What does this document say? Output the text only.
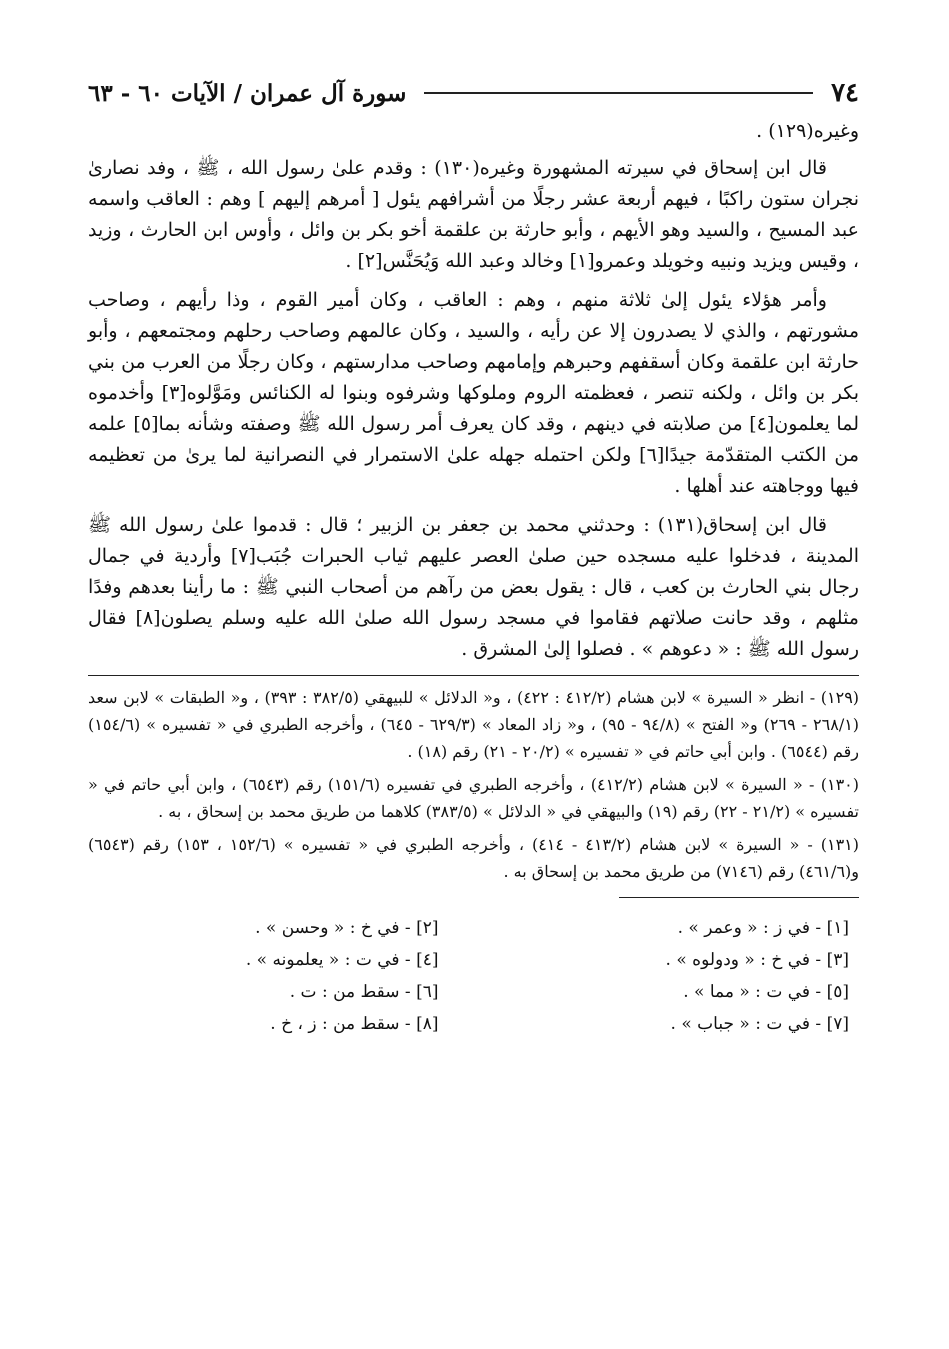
٧٤
سورة آل عمران / الآيات ٦٠ - ٦٣

وغيره(١٢٩) .

قال ابن إسحاق في سيرته المشهورة وغيره(١٣٠) : وقدم علىٰ رسول الله ، ﷺ ، وفد نصارىٰ نجران ستون راكبًا ، فيهم أربعة عشر رجلًا من أشرافهم يئول [ أمرهم إليهم ] وهم : العاقب واسمه عبد المسيح ، والسيد وهو الأيهم ، وأبو حارثة بن علقمة أخو بكر بن وائل ، وأوس ابن الحارث ، وزيد ، وقيس ويزيد ونبيه وخويلد وعمرو[١] وخالد وعبد الله وَيُحَنَّس[٢] .

وأمر هؤلاء يئول إلىٰ ثلاثة منهم ، وهم : العاقب ، وكان أمير القوم ، وذا رأيهم ، وصاحب مشورتهم ، والذي لا يصدرون إلا عن رأيه ، والسيد ، وكان عالمهم وصاحب رحلهم ومجتمعهم ، وأبو حارثة ابن علقمة وكان أسقفهم وحبرهم وإمامهم وصاحب مدارستهم ، وكان رجلًا من العرب من بني بكر بن وائل ، ولكنه تنصر ، فعظمته الروم وملوكها وشرفوه وبنوا له الكنائس ومَوَّلوه[٣] وأخدموه لما يعلمون[٤] من صلابته في دينهم ، وقد كان يعرف أمر رسول الله ﷺ وصفته وشأنه بما[٥] علمه من الكتب المتقدّمة جيدًا[٦] ولكن احتمله جهله علىٰ الاستمرار في النصرانية لما يرىٰ من تعظيمه فيها ووجاهته عند أهلها .

قال ابن إسحاق(١٣١) : وحدثني محمد بن جعفر بن الزبير ؛ قال : قدموا علىٰ رسول الله ﷺ المدينة ، فدخلوا عليه مسجده حين صلىٰ العصر عليهم ثياب الحبرات جُبَب[٧] وأردية في جمال رجال بني الحارث بن كعب ، قال : يقول بعض من رآهم من أصحاب النبي ﷺ : ما رأينا بعدهم وفدًا مثلهم ، وقد حانت صلاتهم فقاموا في مسجد رسول الله صلىٰ الله عليه وسلم يصلون[٨] فقال رسول الله ﷺ : « دعوهم » . فصلوا إلىٰ المشرق .

(١٢٩) - انظر « السيرة » لابن هشام (٤١٢/٢ : ٤٢٢) ، و« الدلائل » للبيهقي (٣٨٢/٥ : ٣٩٣) ، و« الطبقات » لابن سعد (٢٦٨/١ - ٢٦٩) و« الفتح » (٩٤/٨ - ٩٥) ، و« زاد المعاد » (٦٢٩/٣ - ٦٤٥) ، وأخرجه الطبري في « تفسيره » (١٥٤/٦) رقم (٦٥٤٤) . وابن أبي حاتم في « تفسيره » (٢٠/٢ - ٢١) رقم (١٨) .

(١٣٠) - « السيرة » لابن هشام (٤١٢/٢) ، وأخرجه الطبري في تفسيره (١٥١/٦) رقم (٦٥٤٣) ، وابن أبي حاتم في « تفسيره » (٢١/٢ - ٢٢) رقم (١٩) والبيهقي في « الدلائل » (٣٨٣/٥) كلاهما من طريق محمد بن إسحاق ، به .

(١٣١) - « السيرة » لابن هشام (٤١٣/٢ - ٤١٤) ، وأخرجه الطبري في « تفسيره » (١٥٢/٦ ، ١٥٣) رقم (٦٥٤٣) و(٤٦١/٦) رقم (٧١٤٦) من طريق محمد بن إسحاق به .

[١] - في ز : « وعمر » .
[٢] - في خ : « وحسن » .
[٣] - في خ : « ودولوه » .
[٤] - في ت : « يعلمونه » .
[٥] - في ت : « مما » .
[٦] - سقط من : ت .
[٧] - في ت : « جباب » .
[٨] - سقط من : ز ، خ .
